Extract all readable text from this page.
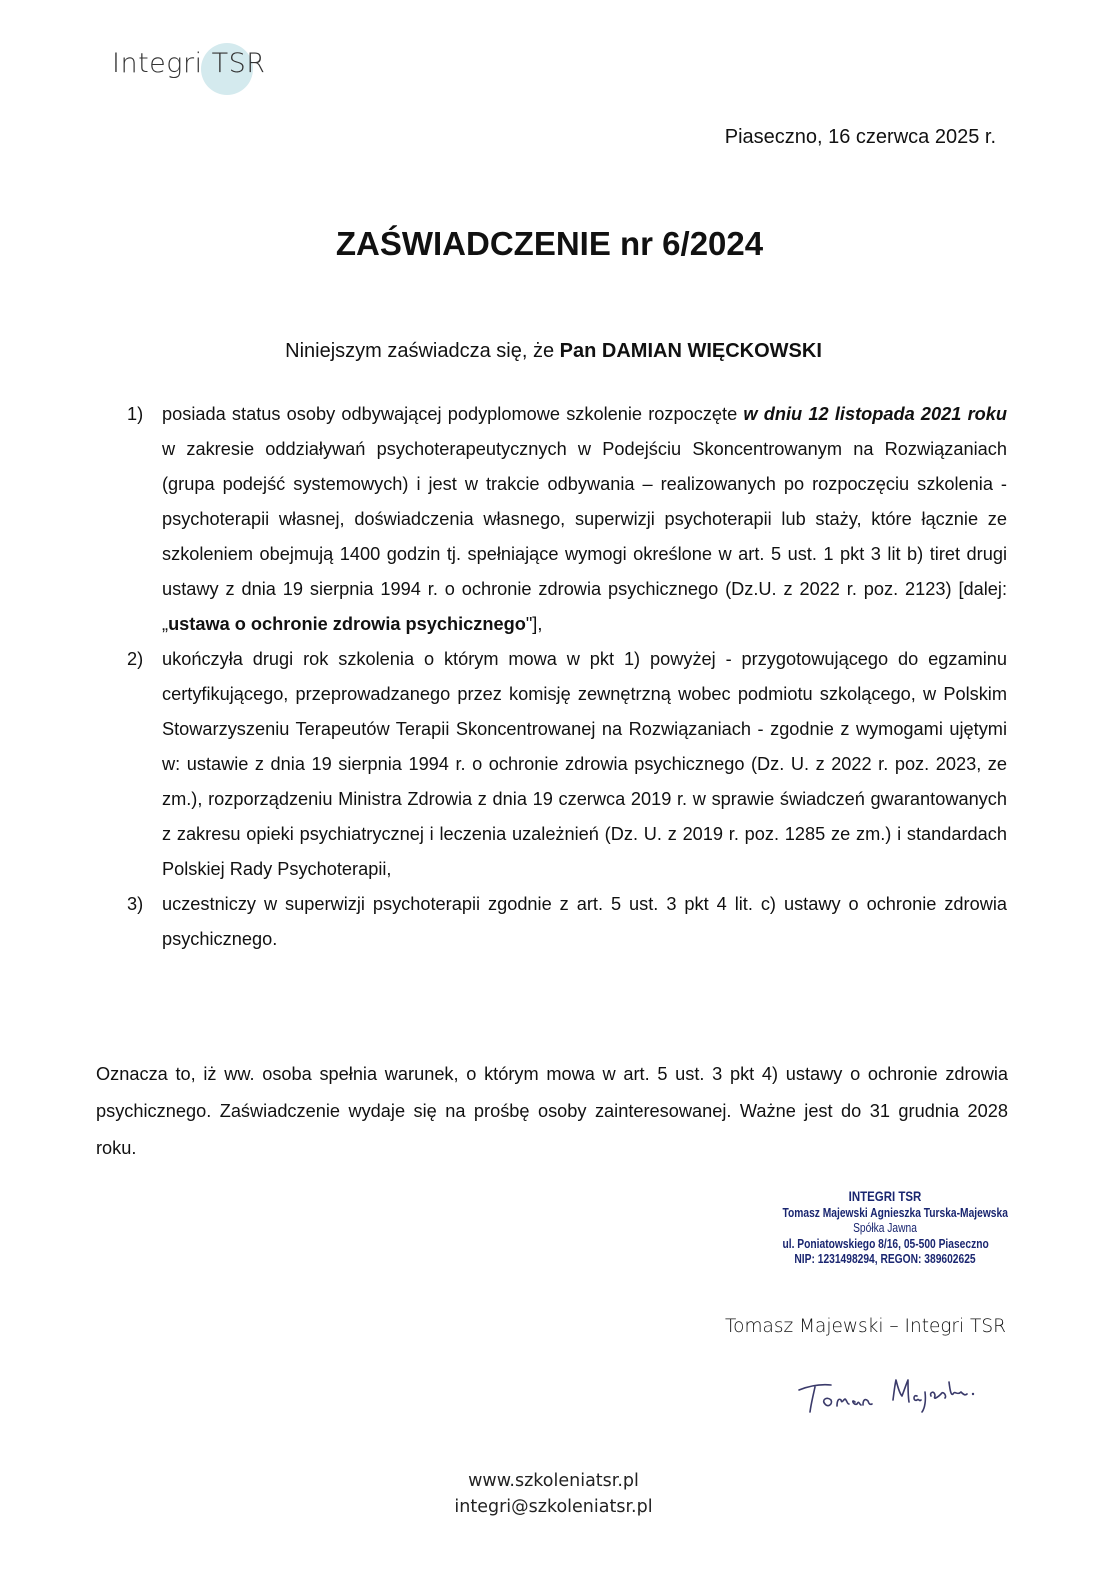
Integri TSR
Piaseczno, 16 czerwca 2025 r.
ZAŚWIADCZENIE nr 6/2024
Niniejszym zaświadcza się, że Pan DAMIAN WIĘCKOWSKI
1) posiada status osoby odbywającej podyplomowe szkolenie rozpoczęte w dniu 12 listopada 2021 roku w zakresie oddziaływań psychoterapeutycznych w Podejściu Skoncentrowanym na Rozwiązaniach (grupa podejść systemowych) i jest w trakcie odbywania – realizowanych po rozpoczęciu szkolenia - psychoterapii własnej, doświadczenia własnego, superwizji psychoterapii lub staży, które łącznie ze szkoleniem obejmują 1400 godzin tj. spełniające wymogi określone w art. 5 ust. 1 pkt 3 lit b) tiret drugi ustawy z dnia 19 sierpnia 1994 r. o ochronie zdrowia psychicznego (Dz.U. z 2022 r. poz. 2123) [dalej: „ustawa o ochronie zdrowia psychicznego"],
2) ukończyła drugi rok szkolenia o którym mowa w pkt 1) powyżej - przygotowującego do egzaminu certyfikującego, przeprowadzanego przez komisję zewnętrzną wobec podmiotu szkolącego, w Polskim Stowarzyszeniu Terapeutów Terapii Skoncentrowanej na Rozwiązaniach - zgodnie z wymogami ujętymi w: ustawie z dnia 19 sierpnia 1994 r. o ochronie zdrowia psychicznego (Dz. U. z 2022 r. poz. 2023, ze zm.), rozporządzeniu Ministra Zdrowia z dnia 19 czerwca 2019 r. w sprawie świadczeń gwarantowanych z zakresu opieki psychiatrycznej i leczenia uzależnień (Dz. U. z 2019 r. poz. 1285 ze zm.) i standardach Polskiej Rady Psychoterapii,
3) uczestniczy w superwizji psychoterapii zgodnie z art. 5 ust. 3 pkt 4 lit. c) ustawy o ochronie zdrowia psychicznego.
Oznacza to, iż ww. osoba spełnia warunek, o którym mowa w art. 5 ust. 3 pkt 4) ustawy o ochronie zdrowia psychicznego. Zaświadczenie wydaje się na prośbę osoby zainteresowanej. Ważne jest do 31 grudnia 2028 roku.
INTEGRI TSR
Tomasz Majewski Agnieszka Turska-Majewska
Spółka Jawna
ul. Poniatowskiego 8/16, 05-500 Piaseczno
NIP: 1231498294, REGON: 389602625
Tomasz Majewski – Integri TSR
www.szkoleniatsr.pl
integri@szkoleniatsr.pl
